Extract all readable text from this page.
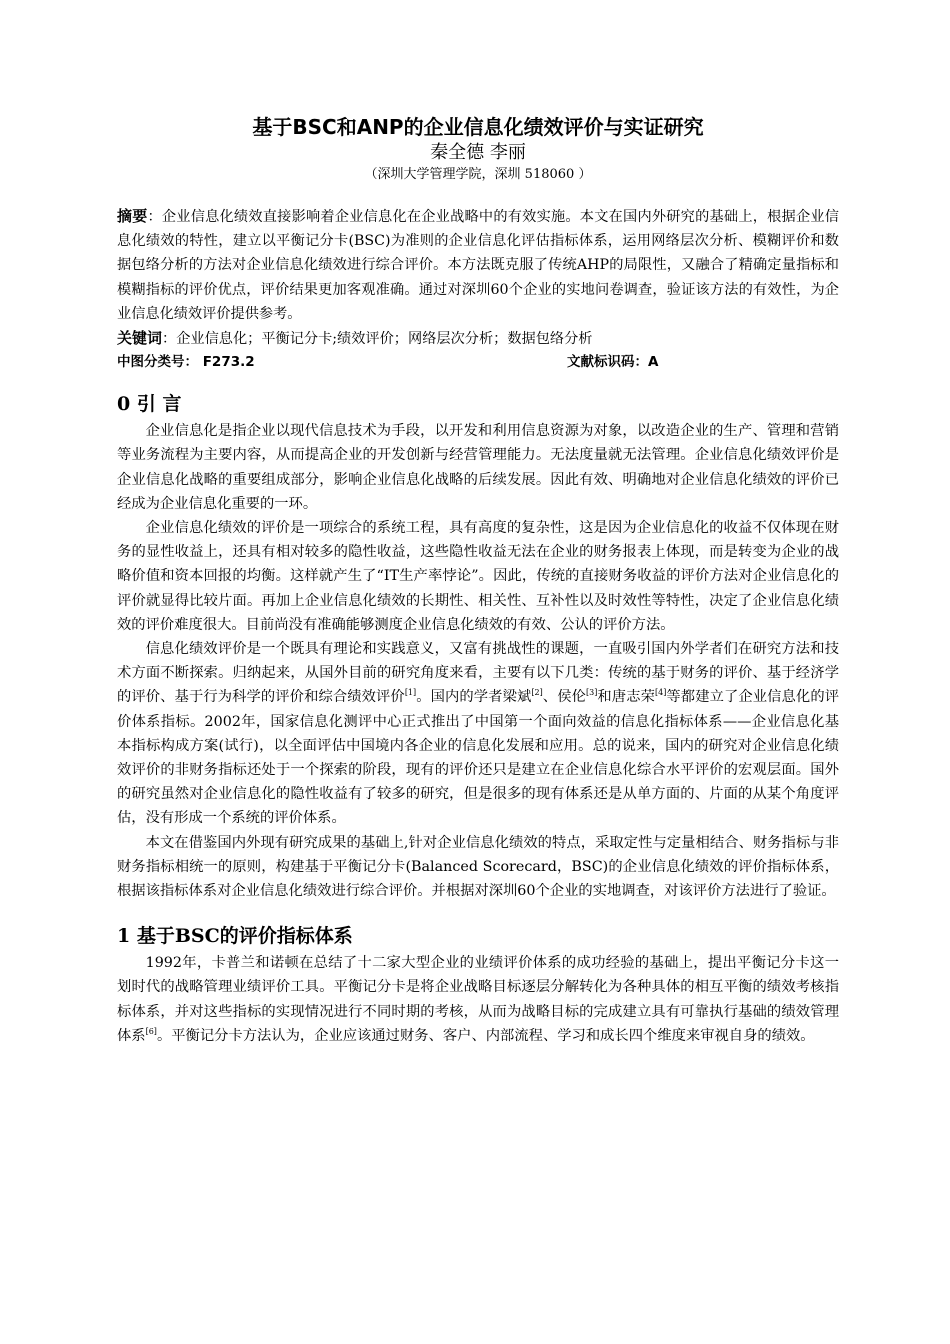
基于BSC和ANP的企业信息化绩效评价与实证研究

秦全德 李丽

（深圳大学管理学院，深圳 518060 ）

摘要：企业信息化绩效直接影响着企业信息化在企业战略中的有效实施。本文在国内外研究的基础上，根据企业信息化绩效的特性，建立以平衡记分卡(BSC)为准则的企业信息化评估指标体系，运用网络层次分析、模糊评价和数据包络分析的方法对企业信息化绩效进行综合评价。本方法既克服了传统AHP的局限性，又融合了精确定量指标和模糊指标的评价优点，评价结果更加客观准确。通过对深圳60个企业的实地问卷调查，验证该方法的有效性，为企业信息化绩效评价提供参考。

关键词：企业信息化；平衡记分卡;绩效评价；网络层次分析；数据包络分析

中图分类号： F273.2	文献标识码：A
0 引 言

企业信息化是指企业以现代信息技术为手段，以开发和利用信息资源为对象，以改造企业的生产、管理和营销等业务流程为主要内容，从而提高企业的开发创新与经营管理能力。无法度量就无法管理。企业信息化绩效评价是企业信息化战略的重要组成部分，影响企业信息化战略的后续发展。因此有效、明确地对企业信息化绩效的评价已经成为企业信息化重要的一环。

企业信息化绩效的评价是一项综合的系统工程，具有高度的复杂性，这是因为企业信息化的收益不仅体现在财务的显性收益上，还具有相对较多的隐性收益，这些隐性收益无法在企业的财务报表上体现，而是转变为企业的战略价值和资本回报的均衡。这样就产生了“IT生产率悖论”。因此，传统的直接财务收益的评价方法对企业信息化的评价就显得比较片面。再加上企业信息化绩效的长期性、相关性、互补性以及时效性等特性，决定了企业信息化绩效的评价难度很大。目前尚没有准确能够测度企业信息化绩效的有效、公认的评价方法。

信息化绩效评价是一个既具有理论和实践意义，又富有挑战性的课题，一直吸引国内外学者们在研究方法和技术方面不断探索。归纳起来，从国外目前的研究角度来看，主要有以下几类：传统的基于财务的评价、基于经济学的评价、基于行为科学的评价和综合绩效评价[1]。国内的学者梁斌[2]、侯伦[3]和唐志荣[4]等都建立了企业信息化的评价体系指标。2002年，国家信息化测评中心正式推出了中国第一个面向效益的信息化指标体系——企业信息化基本指标构成方案(试行)，以全面评估中国境内各企业的信息化发展和应用。总的说来，国内的研究对企业信息化绩效评价的非财务指标还处于一个探索的阶段，现有的评价还只是建立在企业信息化综合水平评价的宏观层面。国外的研究虽然对企业信息化的隐性收益有了较多的研究，但是很多的现有体系还是从单方面的、片面的从某个角度评估，没有形成一个系统的评价体系。

本文在借鉴国内外现有研究成果的基础上,针对企业信息化绩效的特点，采取定性与定量相结合、财务指标与非财务指标相统一的原则，构建基于平衡记分卡(Balanced Scorecard，BSC)的企业信息化绩效的评价指标体系，根据该指标体系对企业信息化绩效进行综合评价。并根据对深圳60个企业的实地调查，对该评价方法进行了验证。

1 基于BSC的评价指标体系

1992年，卡普兰和诺顿在总结了十二家大型企业的业绩评价体系的成功经验的基础上，提出平衡记分卡这一划时代的战略管理业绩评价工具。平衡记分卡是将企业战略目标逐层分解转化为各种具体的相互平衡的绩效考核指标体系，并对这些指标的实现情况进行不同时期的考核，从而为战略目标的完成建立具有可靠执行基础的绩效管理体系[6]。平衡记分卡方法认为，企业应该通过财务、客户、内部流程、学习和成长四个维度来审视自身的绩效。
